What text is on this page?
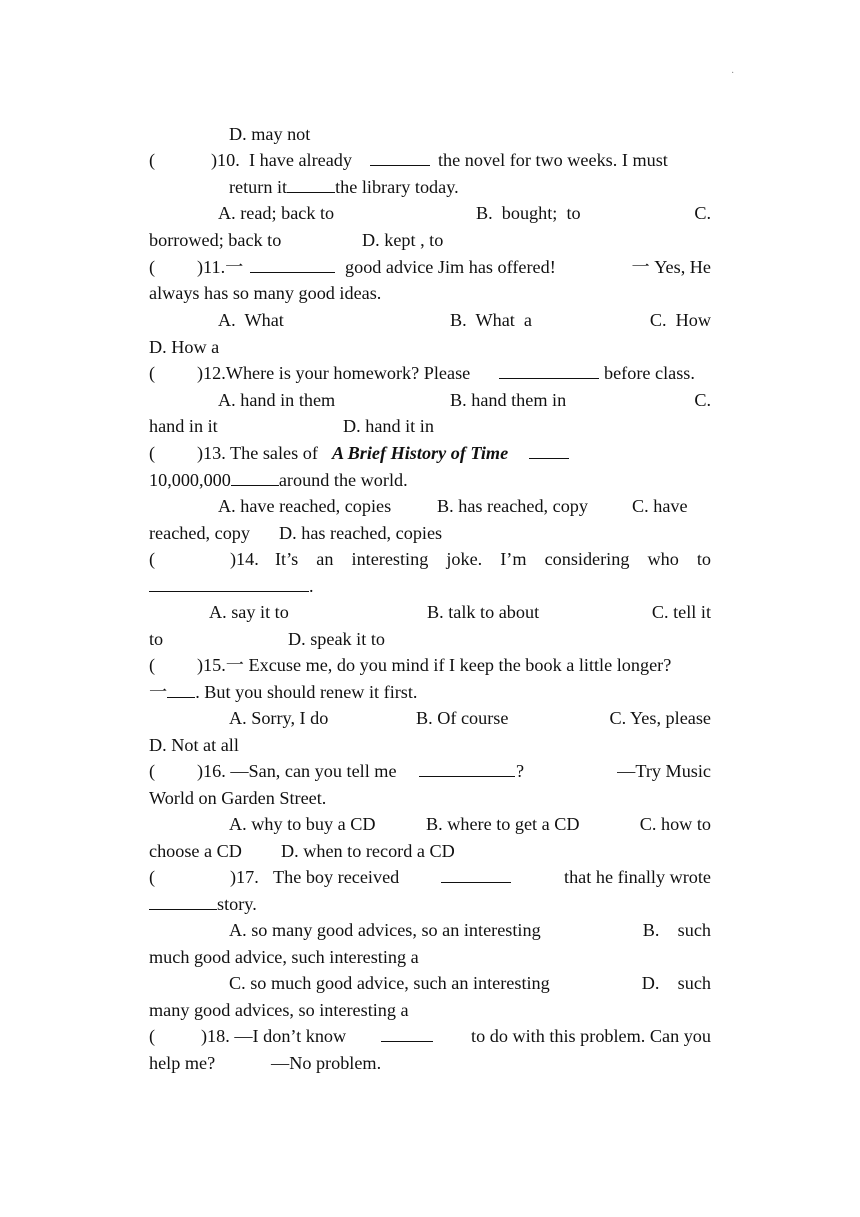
·
D. may not
(	)10. I have already	the novel for two weeks. I must
return it	the library today.
A. read; back to	B.  bought;  to	C.
borrowed; back to	D. kept , to
( )11.一	good advice Jim has offered!	一 Yes, He
always has so many good ideas.
A.  What	B.  What  a	C.  How
D. How a
( )12.Where is your homework? Please	before class.
A. hand in them	B. hand them in	C.
hand in it	D. hand it in
( )13. The sales of A Brief History of Time
10,000,000	around the world.
A. have reached, copies	B. has reached, copy C. have
reached, copy D. has reached, copies
(	)14. It’s an interesting joke. I’m considering who to
.
A. say it to	B. talk to about	C. tell it
to	D. speak it to
( )15.一 Excuse me, do you mind if I keep the book a little longer?
一 . But you should renew it first.
A. Sorry, I do	B. Of course	C. Yes, please
D. Not at all
( )16. —San, can you tell me	?	—Try Music
World on Garden Street.
A. why to buy a CD	B. where to get a CD	C. how to
choose a CD D. when to record a CD
(	)17. The boy received	that he finally wrote
story.
A. so many good advices, so an interesting	B.    such
much good advice, such interesting a
C. so much good advice, such an interesting	D.    such
many good advices, so interesting a
(	)18. —I don’t know	to do with this problem. Can you
help me?	—No problem.
